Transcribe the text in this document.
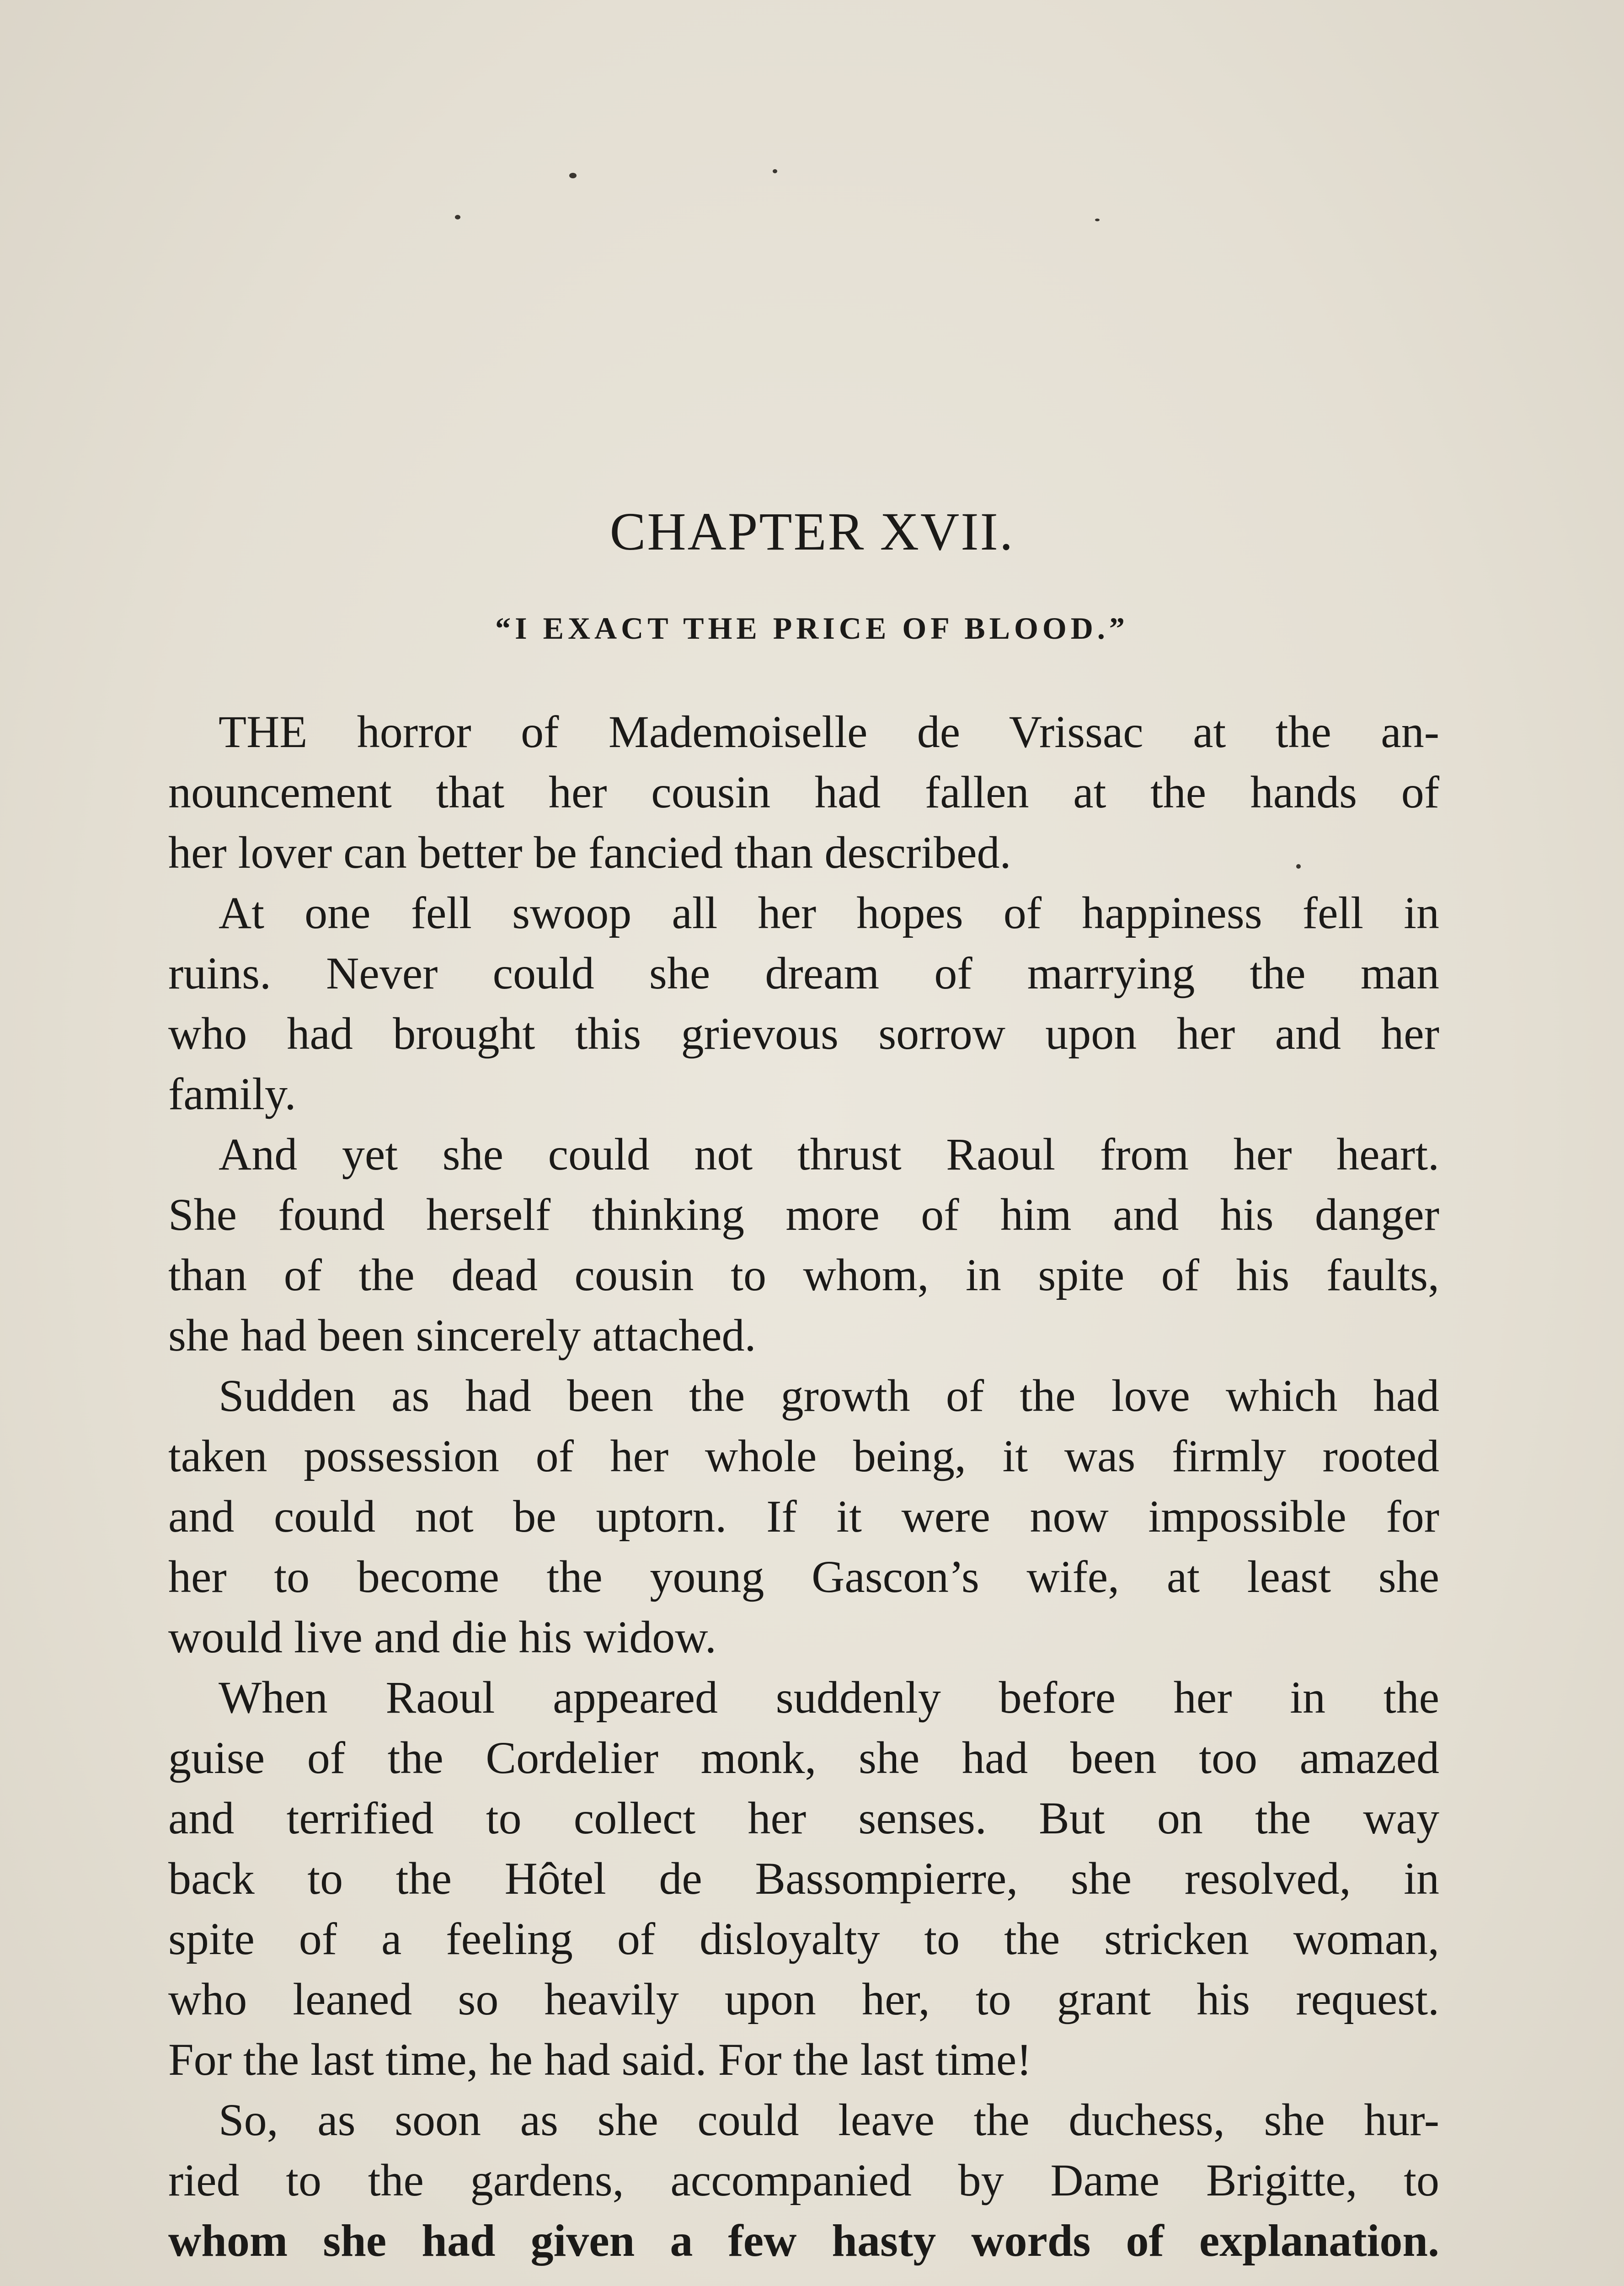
CHAPTER XVII.
“I EXACT THE PRICE OF BLOOD.”
THE horror of Mademoiselle de Vrissac at the an-
nouncement that her cousin had fallen at the hands of
her lover can better be fancied than described.
At one fell swoop all her hopes of happiness fell in
ruins. Never could she dream of marrying the man
who had brought this grievous sorrow upon her and her
family.
And yet she could not thrust Raoul from her heart.
She found herself thinking more of him and his danger
than of the dead cousin to whom, in spite of his faults,
she had been sincerely attached.
Sudden as had been the growth of the love which had
taken possession of her whole being, it was firmly rooted
and could not be uptorn. If it were now impossible for
her to become the young Gascon’s wife, at least she
would live and die his widow.
When Raoul appeared suddenly before her in the
guise of the Cordelier monk, she had been too amazed
and terrified to collect her senses. But on the way
back to the Hôtel de Bassompierre, she resolved, in
spite of a feeling of disloyalty to the stricken woman,
who leaned so heavily upon her, to grant his request.
For the last time, he had said. For the last time!
So, as soon as she could leave the duchess, she hur-
ried to the gardens, accompanied by Dame Brigitte, to
whom she had given a few hasty words of explanation.
